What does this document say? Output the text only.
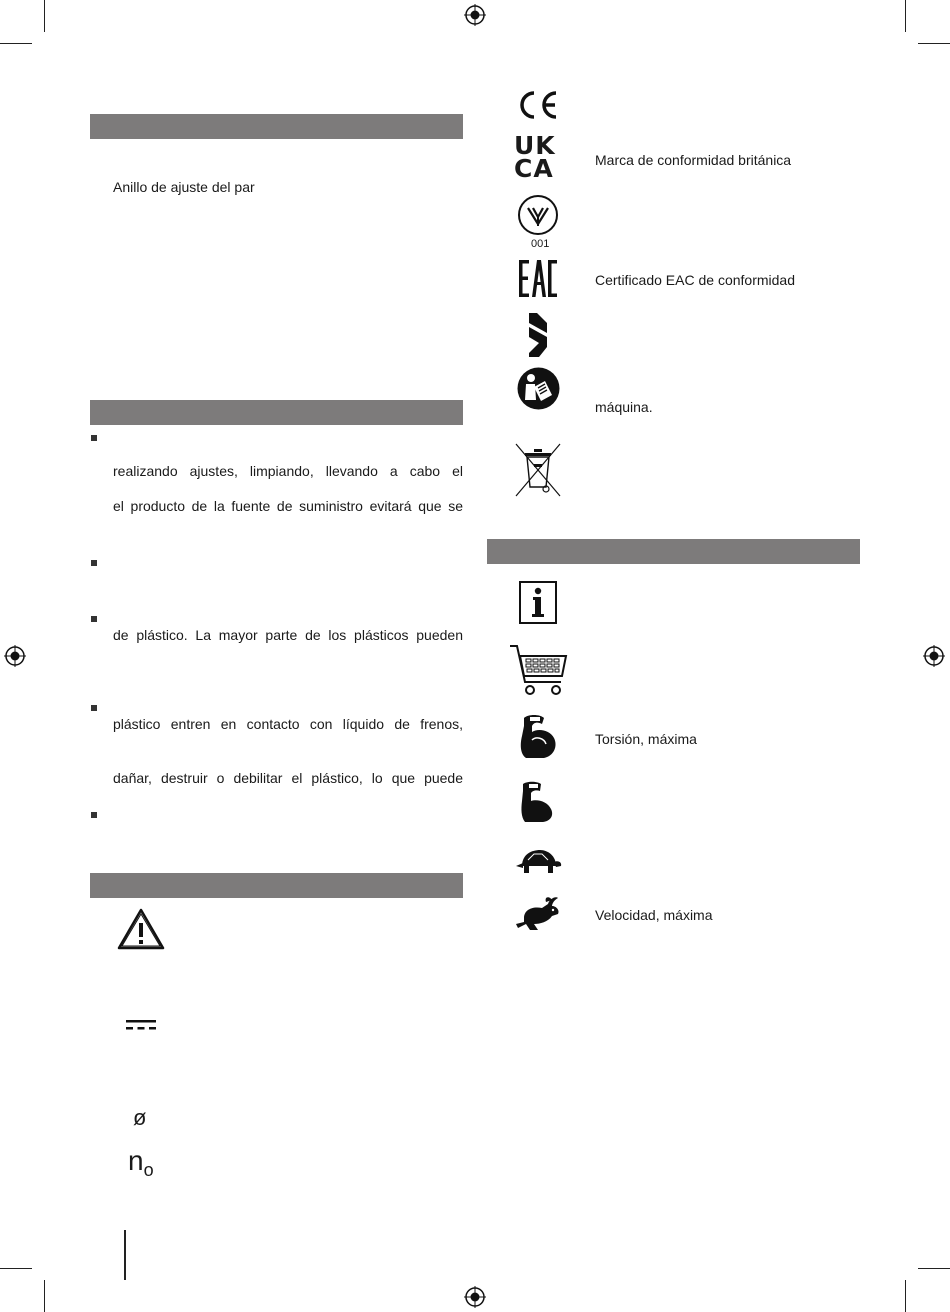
Anillo de ajuste del par
realizando ajustes, limpiando, llevando a cabo el
el producto de la fuente de suministro evitará que se
de plástico. La mayor parte de los plásticos pueden
plástico entren en contacto con líquido de frenos,
dañar, destruir o debilitar el plástico, lo que puede
ø
$n_o$
UK
CA	Marca de conformidad británica
001
Certificado EAC de conformidad
máquina.
Torsión, máxima
Velocidad, máxima
